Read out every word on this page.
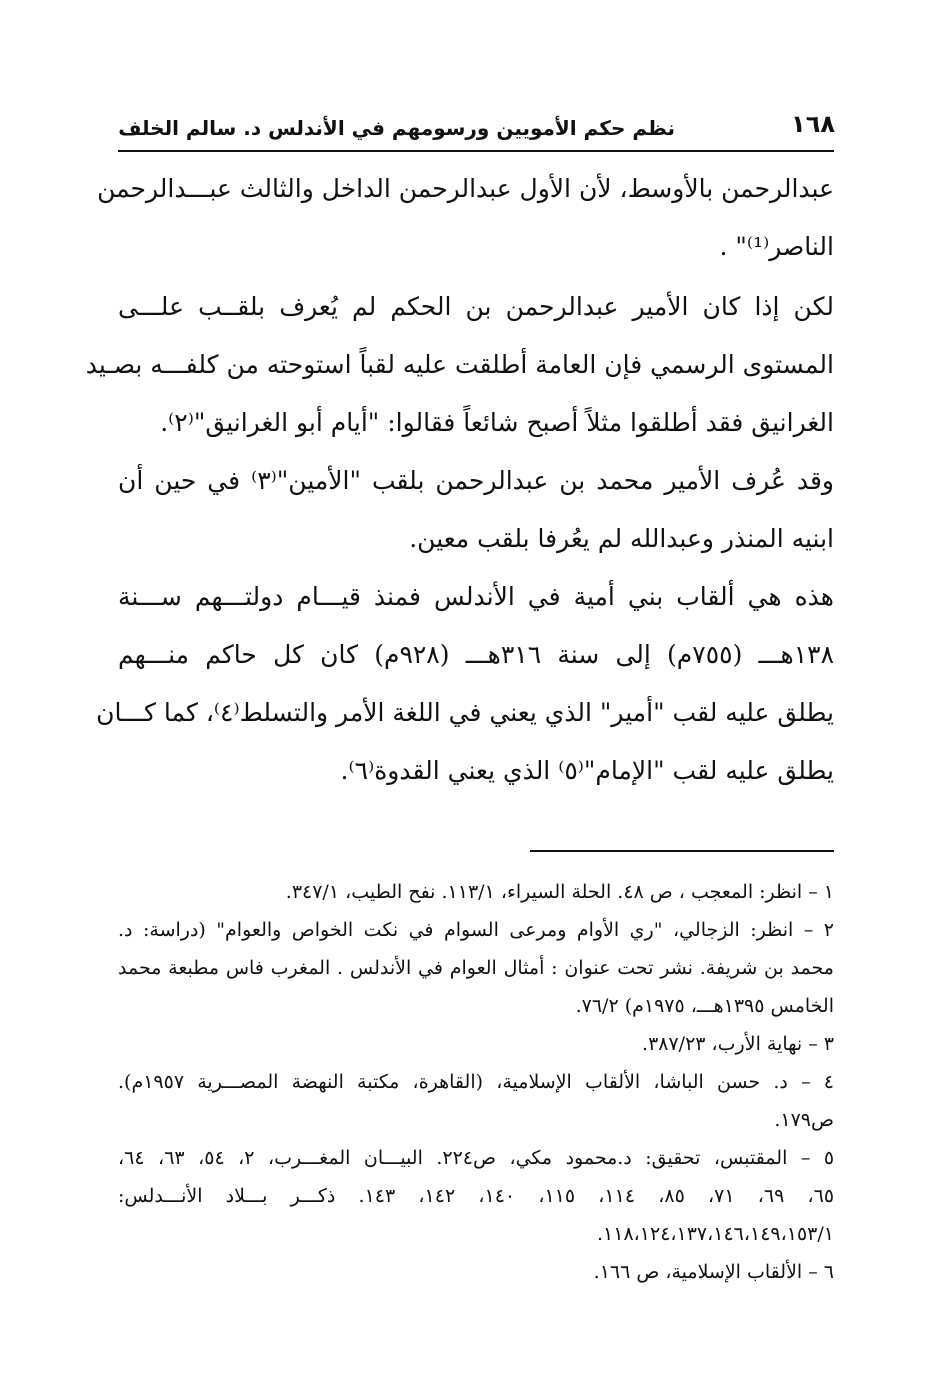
١٦٨
نظم حكم الأمويين ورسومهم في الأندلس د. سالم الخلف
عبدالرحمن بالأوسط، لأن الأول عبدالرحمن الداخل والثالث عبـــدالرحمن
الناصر⁽¹⁾" .
لكن إذا كان الأمير عبدالرحمن بن الحكم لم يُعرف بلقــب علـــى
المستوى الرسمي فإن العامة أطلقت عليه لقباً استوحته من كلفـــه بصـيد
الغرانيق فقد أطلقوا مثلاً أصبح شائعاً فقالوا: "أيام أبو الغرانيق"⁽٢⁾.
وقد عُرف الأمير محمد بن عبدالرحمن بلقب "الأمين"⁽٣⁾ في حين أن
ابنيه المنذر وعبدالله لم يعُرفا بلقب معين.
هذه هي ألقاب بني أمية في الأندلس فمنذ قيـــام دولتـــهم ســـنة
١٣٨هـــ (٧٥٥م) إلى سنة ٣١٦هـــ (٩٢٨م) كان كل حاكم منـــهم
يطلق عليه لقب "أمير" الذي يعني في اللغة الأمر والتسلط⁽٤⁾، كما كـــان
يطلق عليه لقب "الإمام"⁽٥⁾ الذي يعني القدوة⁽٦⁾.
١ – انظر: المعجب ، ص ٤٨. الحلة السيراء، ١١٣/١. نفح الطيب، ٣٤٧/١.
٢ – انظر: الزجالي، "ري الأوام ومرعى السوام في نكت الخواص والعوام" (دراسة: د.
محمد بن شريفة. نشر تحت عنوان : أمثال العوام في الأندلس . المغرب فاس مطبعة محمد
الخامس ١٣٩٥هـــ، ١٩٧٥م) ٧٦/٢.
٣ – نهاية الأرب، ٣٨٧/٢٣.
٤ – د. حسن الباشا، الألقاب الإسلامية، (القاهرة، مكتبة النهضة المصـــرية ١٩٥٧م).
ص١٧٩.
٥ – المقتبس، تحقيق: د.محمود مكي، ص٢٢٤. البيـــان المغـــرب، ٢، ٥٤، ٦٣، ٦٤،
٦٥، ٦٩، ٧١، ٨٥، ١١٤، ١١٥، ١٤٠، ١٤٢، ١٤٣. ذكـــر بـــلاد الأنـــدلس:
١١٨،١٢٤،١٣٧،١٤٦،١٤٩،١٥٣/١.
٦ – الألقاب الإسلامية، ص ١٦٦.
